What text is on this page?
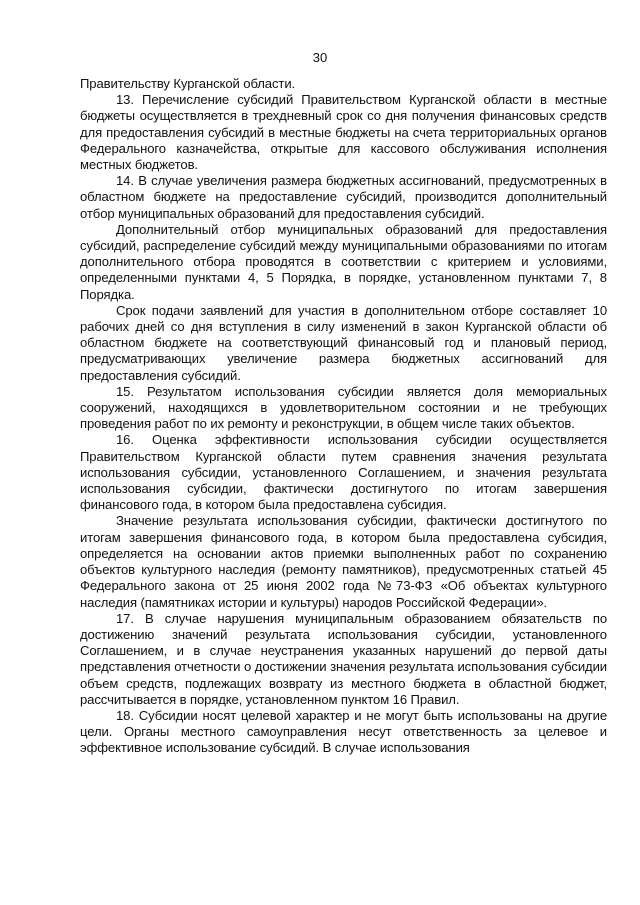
30

Правительству Курганской области.

13. Перечисление субсидий Правительством Курганской области в местные бюджеты осуществляется в трехдневный срок со дня получения финансовых средств для предоставления субсидий в местные бюджеты на счета территориальных органов Федерального казначейства, открытые для кассового обслуживания исполнения местных бюджетов.

14. В случае увеличения размера бюджетных ассигнований, предусмотренных в областном бюджете на предоставление субсидий, производится дополнительный отбор муниципальных образований для предоставления субсидий.

Дополнительный отбор муниципальных образований для предоставления субсидий, распределение субсидий между муниципальными образованиями по итогам дополнительного отбора проводятся в соответствии с критерием и условиями, определенными пунктами 4, 5 Порядка, в порядке, установленном пунктами 7, 8 Порядка.

Срок подачи заявлений для участия в дополнительном отборе составляет 10 рабочих дней со дня вступления в силу изменений в закон Курганской области об областном бюджете на соответствующий финансовый год и плановый период, предусматривающих увеличение размера бюджетных ассигнований для предоставления субсидий.

15. Результатом использования субсидии является доля мемориальных сооружений, находящихся в удовлетворительном состоянии и не требующих проведения работ по их ремонту и реконструкции, в общем числе таких объектов.

16. Оценка эффективности использования субсидии осуществляется Правительством Курганской области путем сравнения значения результата использования субсидии, установленного Соглашением, и значения результата использования субсидии, фактически достигнутого по итогам завершения финансового года, в котором была предоставлена субсидия.

Значение результата использования субсидии, фактически достигнутого по итогам завершения финансового года, в котором была предоставлена субсидия, определяется на основании актов приемки выполненных работ по сохранению объектов культурного наследия (ремонту памятников), предусмотренных статьей 45 Федерального закона от 25 июня 2002 года №73-ФЗ «Об объектах культурного наследия (памятниках истории и культуры) народов Российской Федерации».

17. В случае нарушения муниципальным образованием обязательств по достижению значений результата использования субсидии, установленного Соглашением, и в случае неустранения указанных нарушений до первой даты представления отчетности о достижении значения результата использования субсидии объем средств, подлежащих возврату из местного бюджета в областной бюджет, рассчитывается в порядке, установленном пунктом 16 Правил.

18. Субсидии носят целевой характер и не могут быть использованы на другие цели. Органы местного самоуправления несут ответственность за целевое и эффективное использование субсидий. В случае использования
